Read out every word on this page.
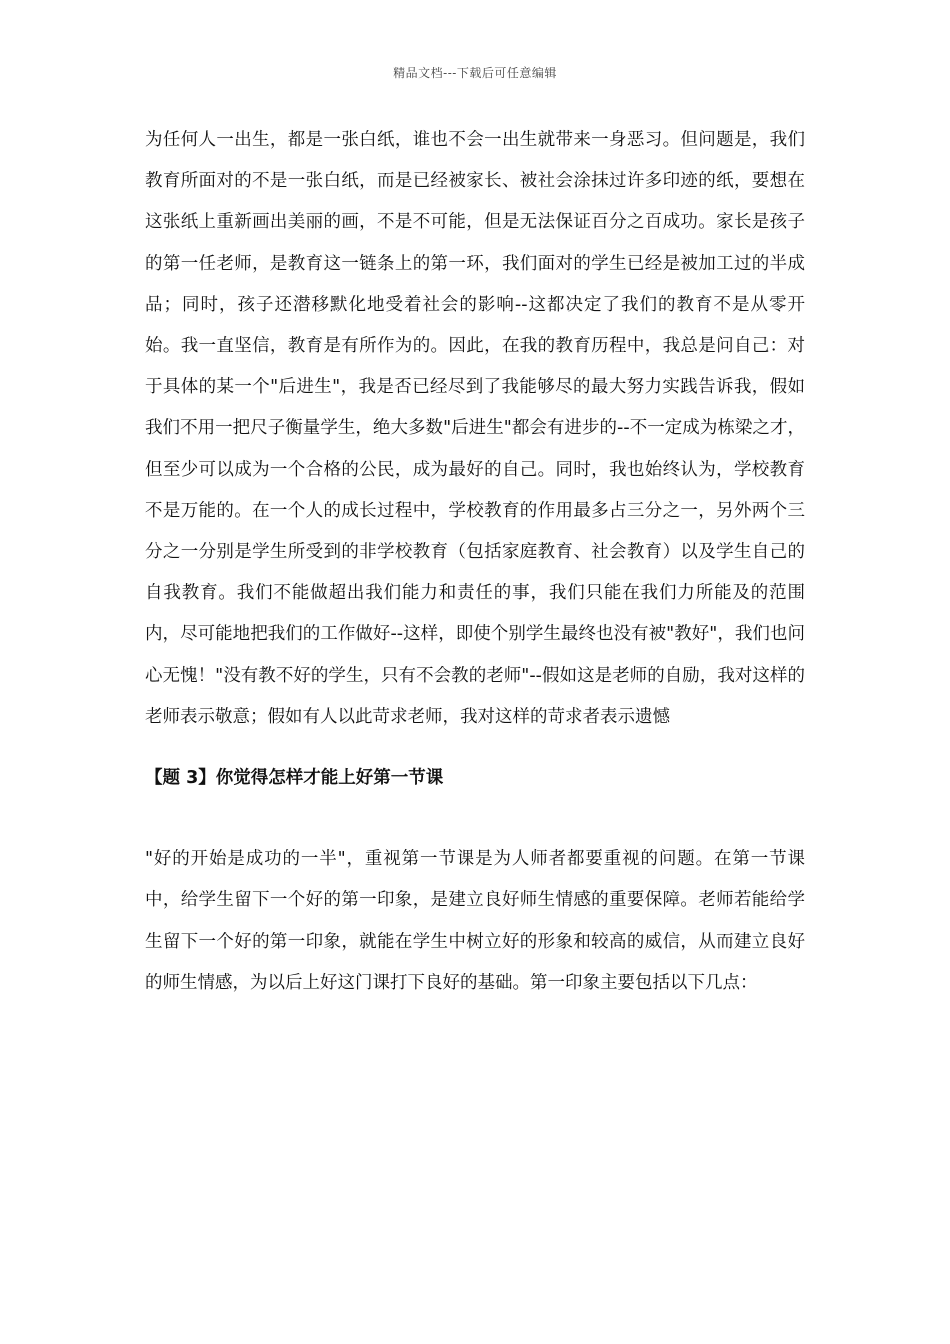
精品文档---下载后可任意编辑

为任何人一出生，都是一张白纸，谁也不会一出生就带来一身恶习。但问题是，我们教育所面对的不是一张白纸，而是已经被家长、被社会涂抹过许多印迹的纸，要想在这张纸上重新画出美丽的画，不是不可能，但是无法保证百分之百成功。家长是孩子的第一任老师，是教育这一链条上的第一环，我们面对的学生已经是被加工过的半成品；同时，孩子还潜移默化地受着社会的影响--这都决定了我们的教育不是从零开始。我一直坚信，教育是有所作为的。因此，在我的教育历程中，我总是问自己：对于具体的某一个"后进生"，我是否已经尽到了我能够尽的最大努力实践告诉我，假如我们不用一把尺子衡量学生，绝大多数"后进生"都会有进步的--不一定成为栋梁之才，但至少可以成为一个合格的公民，成为最好的自己。同时，我也始终认为，学校教育不是万能的。在一个人的成长过程中，学校教育的作用最多占三分之一，另外两个三分之一分别是学生所受到的非学校教育（包括家庭教育、社会教育）以及学生自己的自我教育。我们不能做超出我们能力和责任的事，我们只能在我们力所能及的范围内，尽可能地把我们的工作做好--这样，即使个别学生最终也没有被"教好"，我们也问心无愧！"没有教不好的学生，只有不会教的老师"--假如这是老师的自励，我对这样的老师表示敬意；假如有人以此苛求老师，我对这样的苛求者表示遗憾

【题 3】你觉得怎样才能上好第一节课

"好的开始是成功的一半"，重视第一节课是为人师者都要重视的问题。在第一节课中，给学生留下一个好的第一印象，是建立良好师生情感的重要保障。老师若能给学生留下一个好的第一印象，就能在学生中树立好的形象和较高的威信，从而建立良好的师生情感，为以后上好这门课打下良好的基础。第一印象主要包括以下几点：
